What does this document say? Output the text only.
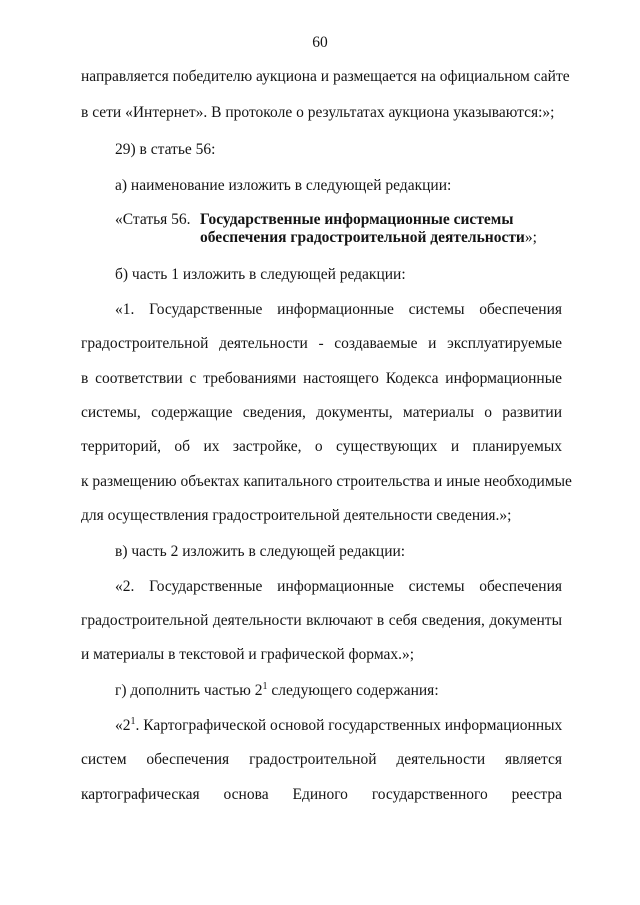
60
направляется победителю аукциона и размещается на официальном сайте
в сети «Интернет». В протоколе о результатах аукциона указываются:»;
29) в статье 56:
а) наименование изложить в следующей редакции:
«Статья 56. Государственные информационные системы
обеспечения градостроительной деятельности»;
б) часть 1 изложить в следующей редакции:
«1. Государственные информационные системы обеспечения
градостроительной деятельности - создаваемые и эксплуатируемые
в соответствии с требованиями настоящего Кодекса информационные
системы, содержащие сведения, документы, материалы о развитии
территорий, об их застройке, о существующих и планируемых
к размещению объектах капитального строительства и иные необходимые
для осуществления градостроительной деятельности сведения.»;
в) часть 2 изложить в следующей редакции:
«2. Государственные информационные системы обеспечения
градостроительной деятельности включают в себя сведения, документы
и материалы в текстовой и графической формах.»;
г) дополнить частью $2^1$ следующего содержания:
«$2^1$. Картографической основой государственных информационных
систем обеспечения градостроительной деятельности является
картографическая основа Единого государственного реестра
